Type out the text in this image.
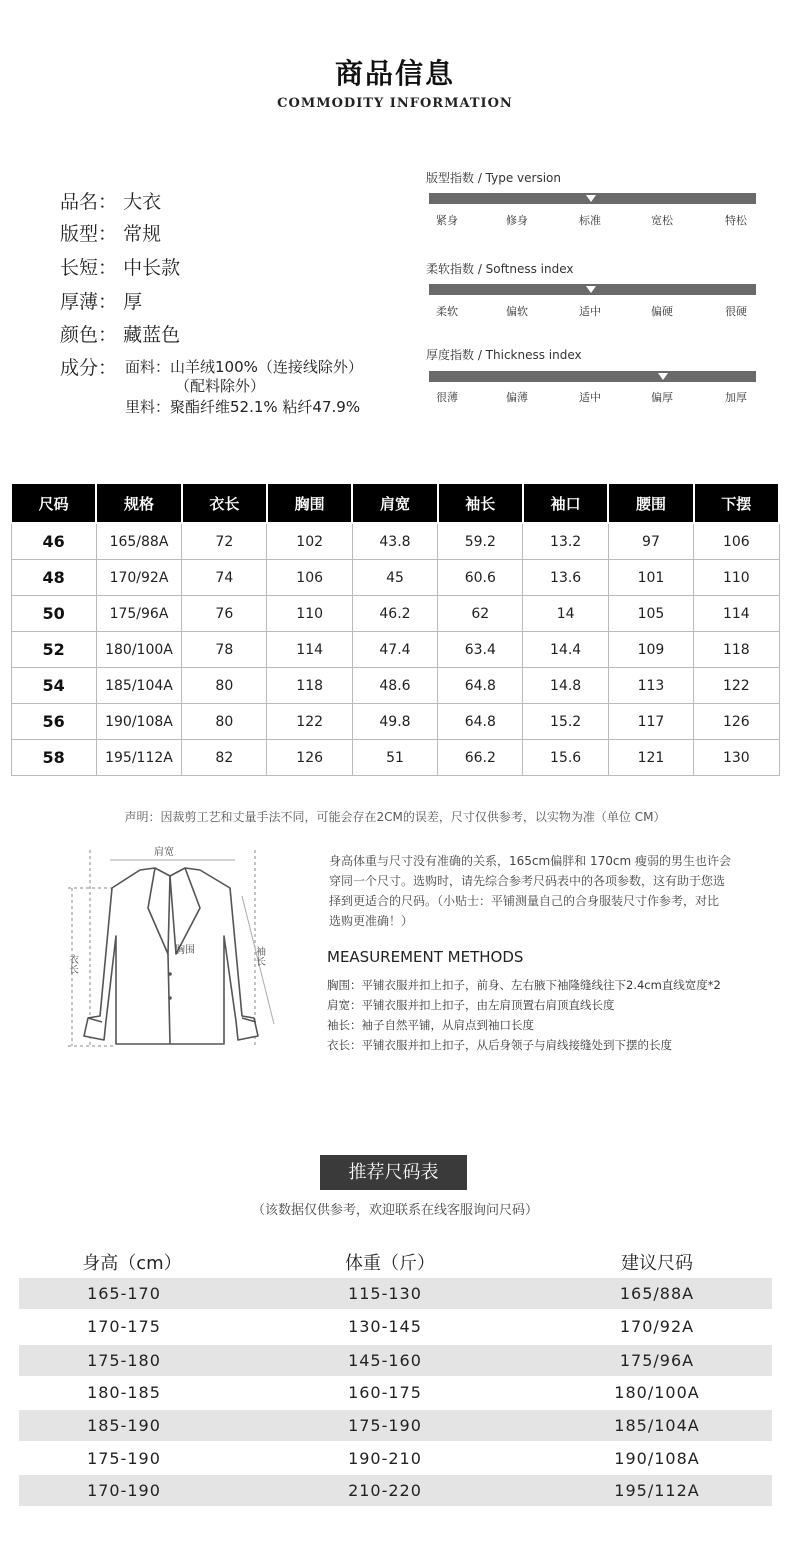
商品信息
COMMODITY INFORMATION
品名： 大衣
版型： 常规
长短： 中长款
厚薄： 厚
颜色： 藏蓝色
成分： 面料：山羊绒100%（连接线除外）
（配料除外）
里料：聚酯纤维52.1% 粘纤47.9%
版型指数 / Type version
紧身	修身	标准	宽松	特松
柔软指数 / Softness index
柔软	偏软	适中	偏硬	很硬
厚度指数 / Thickness index
很薄	偏薄	适中	偏厚	加厚
尺码	规格	衣长	胸围	肩宽	袖长	袖口	腰围	下摆
46	165/88A	72	102	43.8	59.2	13.2	97	106
48	170/92A	74	106	45	60.6	13.6	101	110
50	175/96A	76	110	46.2	62	14	105	114
52	180/100A	78	114	47.4	63.4	14.4	109	118
54	185/104A	80	118	48.6	64.8	14.8	113	122
56	190/108A	80	122	49.8	64.8	15.2	117	126
58	195/112A	82	126	51	66.2	15.6	121	130
声明：因裁剪工艺和丈量手法不同，可能会存在2CM的误差，尺寸仅供参考，以实物为准（单位 CM）
肩宽
胸围
衣长	袖长
身高体重与尺寸没有准确的关系，165cm偏胖和 170cm 瘦弱的男生也许会
穿同一个尺寸。选购时，请先综合参考尺码表中的各项参数，这有助于您选
择到更适合的尺码。（小贴士：平铺测量自己的合身服装尺寸作参考，对比
选购更准确！）
MEASUREMENT METHODS
胸围：平铺衣服并扣上扣子，前身、左右腋下袖隆缝线往下2.4cm直线宽度*2
肩宽：平铺衣服并扣上扣子，由左肩顶置右肩顶直线长度
袖长：袖子自然平铺，从肩点到袖口长度
衣长：平铺衣服并扣上扣子，从后身领子与肩线接缝处到下摆的长度
推荐尺码表
（该数据仅供参考，欢迎联系在线客服询问尺码）
身高（cm）	体重（斤）	建议尺码
165-170	115-130	165/88A
170-175	130-145	170/92A
175-180	145-160	175/96A
180-185	160-175	180/100A
185-190	175-190	185/104A
175-190	190-210	190/108A
170-190	210-220	195/112A
